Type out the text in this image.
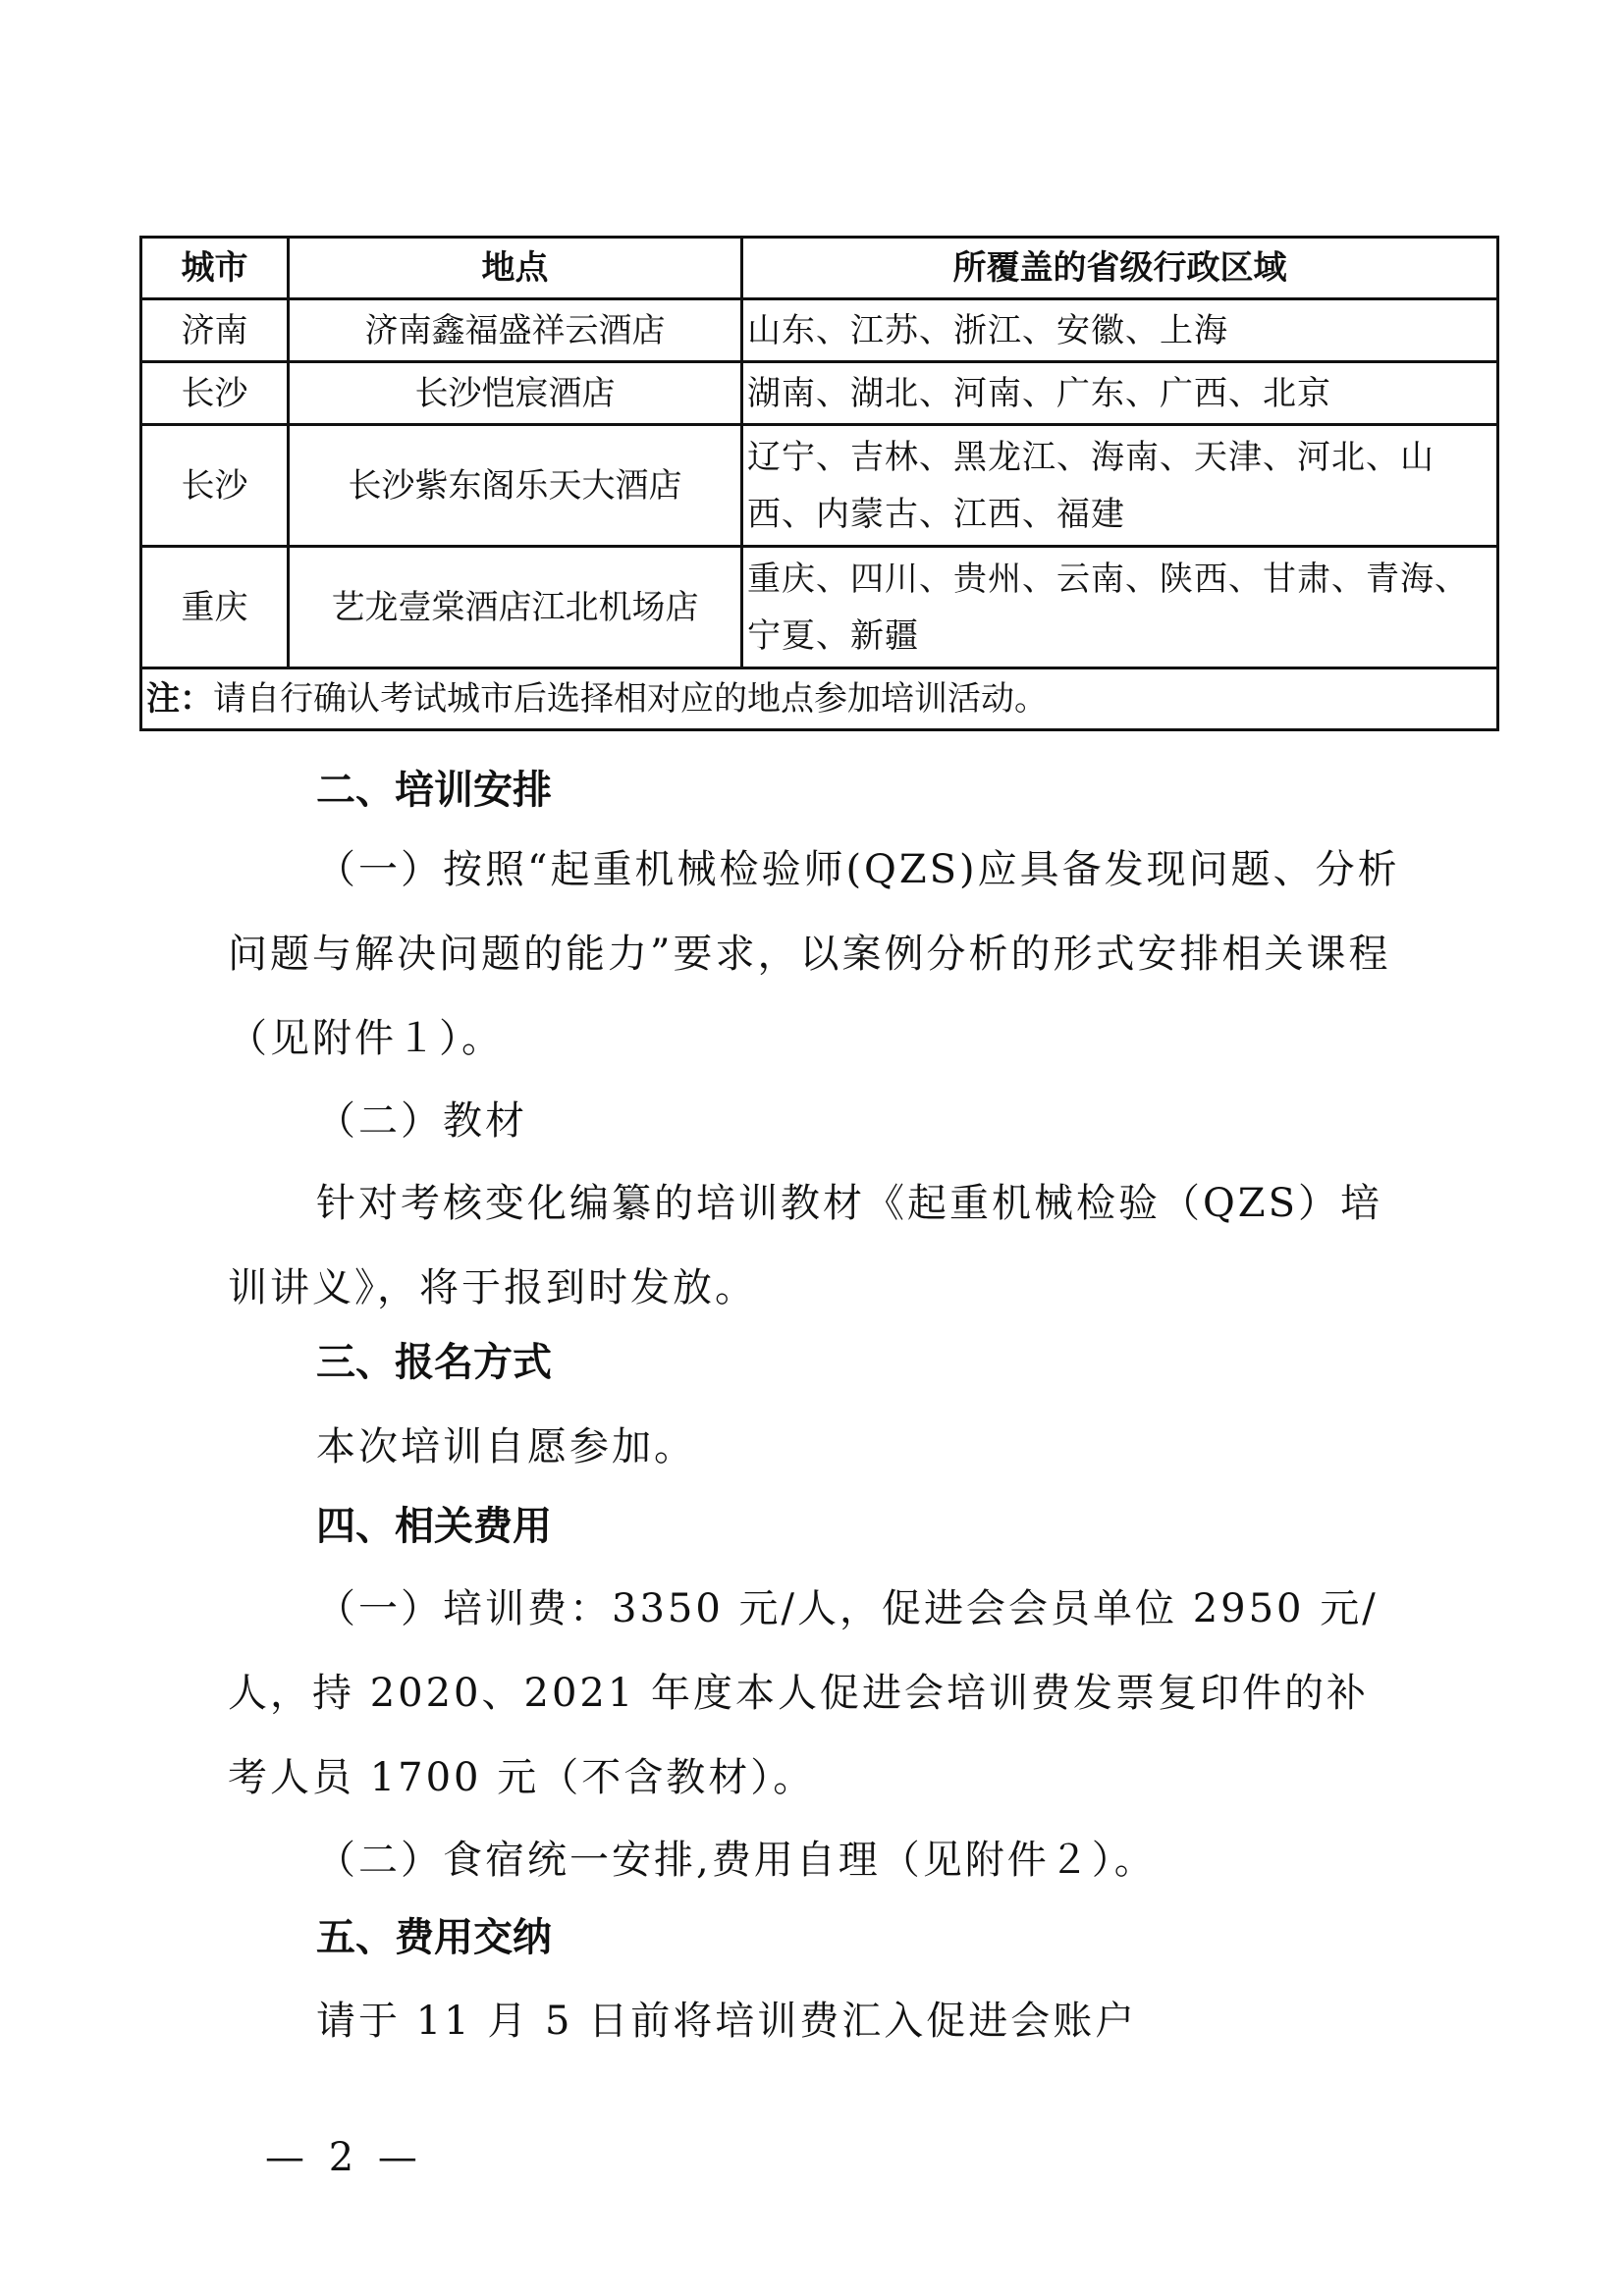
城市	地点	所覆盖的省级行政区域
济南	济南鑫福盛祥云酒店	山东、江苏、浙江、安徽、上海
长沙	长沙恺宸酒店	湖南、湖北、河南、广东、广西、北京
长沙	长沙紫东阁乐天大酒店	辽宁、吉林、黑龙江、海南、天津、河北、山西、内蒙古、江西、福建
重庆	艺龙壹棠酒店江北机场店	重庆、四川、贵州、云南、陕西、甘肃、青海、宁夏、新疆
注：请自行确认考试城市后选择相对应的地点参加培训活动。		
二、培训安排

（一）按照“起重机械检验师(QZS)应具备发现问题、分析问题与解决问题的能力”要求，以案例分析的形式安排相关课程（见附件１）。

（二）教材

针对考核变化编纂的培训教材《起重机械检验（QZS）培训讲义》，将于报到时发放。

三、报名方式

本次培训自愿参加。

四、相关费用

（一）培训费：3350 元/人，促进会会员单位 2950 元/人，持 2020、2021 年度本人促进会培训费发票复印件的补考人员 1700 元（不含教材）。

（二）食宿统一安排,费用自理（见附件２）。

五、费用交纳

请于 11 月 5 日前将培训费汇入促进会账户

— 2 —
